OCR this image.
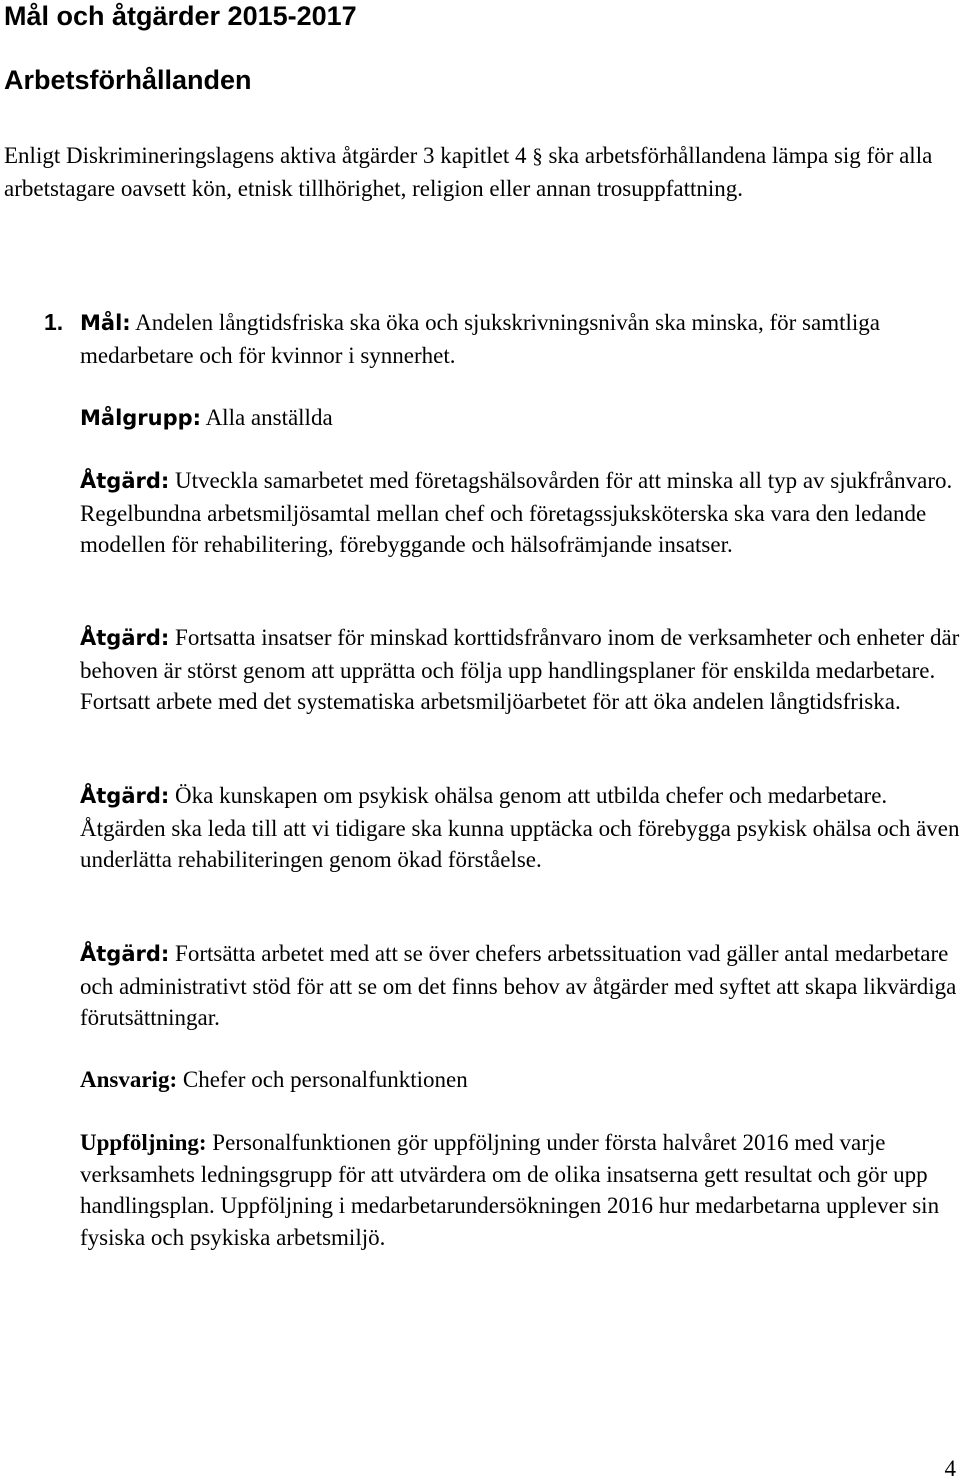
Mål och åtgärder 2015-2017
Arbetsförhållanden

Enligt Diskrimineringslagens aktiva åtgärder 3 kapitlet 4 § ska arbetsförhållandena lämpa sig för alla arbetstagare oavsett kön, etnisk tillhörighet, religion eller annan trosuppfattning.

1. Mål: Andelen långtidsfriska ska öka och sjukskrivningsnivån ska minska, för samtliga medarbetare och för kvinnor i synnerhet.

Målgrupp: Alla anställda

Åtgärd: Utveckla samarbetet med företagshälsovården för att minska all typ av sjukfrånvaro. Regelbundna arbetsmiljösamtal mellan chef och företagssjuksköterska ska vara den ledande modellen för rehabilitering, förebyggande och hälsofrämjande insatser.

Åtgärd: Fortsatta insatser för minskad korttidsfrånvaro inom de verksamheter och enheter där behoven är störst genom att upprätta och följa upp handlingsplaner för enskilda medarbetare. Fortsatt arbete med det systematiska arbetsmiljöarbetet för att öka andelen långtidsfriska.

Åtgärd: Öka kunskapen om psykisk ohälsa genom att utbilda chefer och medarbetare. Åtgärden ska leda till att vi tidigare ska kunna upptäcka och förebygga psykisk ohälsa och även underlätta rehabiliteringen genom ökad förståelse.

Åtgärd: Fortsätta arbetet med att se över chefers arbetssituation vad gäller antal medarbetare och administrativt stöd för att se om det finns behov av åtgärder med syftet att skapa likvärdiga förutsättningar.

Ansvarig: Chefer och personalfunktionen

Uppföljning: Personalfunktionen gör uppföljning under första halvåret 2016 med varje verksamhets ledningsgrupp för att utvärdera om de olika insatserna gett resultat och gör upp handlingsplan. Uppföljning i medarbetarundersökningen 2016 hur medarbetarna upplever sin fysiska och psykiska arbetsmiljö.

4
